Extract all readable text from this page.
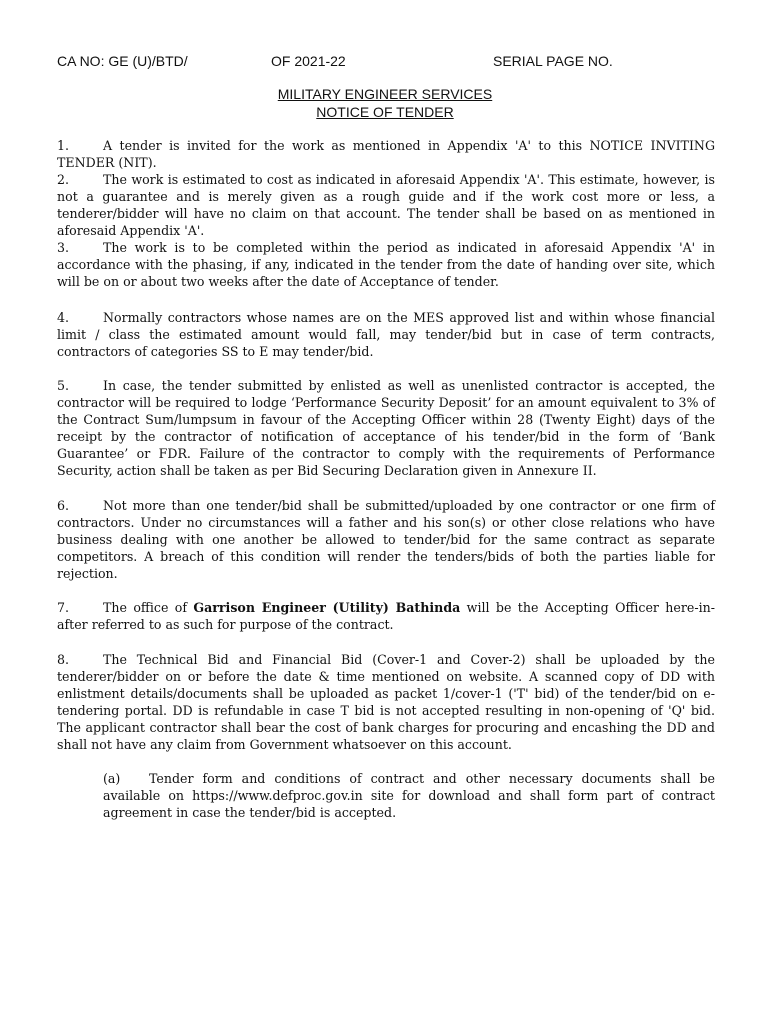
CA NO: GE (U)/BTD/	OF 2021-22	SERIAL PAGE NO.
MILITARY ENGINEER SERVICES
NOTICE OF TENDER
1.	A tender is invited for the work as mentioned in Appendix 'A' to this NOTICE INVITING TENDER (NIT).
2.	The work is estimated to cost as indicated in aforesaid Appendix 'A'. This estimate, however, is not a guarantee and is merely given as a rough guide and if the work cost more or less, a tenderer/bidder will have no claim on that account. The tender shall be based on as mentioned in aforesaid Appendix 'A'.
3.	The work is to be completed within the period as indicated in aforesaid Appendix 'A' in accordance with the phasing, if any, indicated in the tender from the date of handing over site, which will be on or about two weeks after the date of Acceptance of tender.
4.	Normally contractors whose names are on the MES approved list and within whose financial limit / class the estimated amount would fall, may tender/bid but in case of term contracts, contractors of categories SS to E may tender/bid.
5.	In case, the tender submitted by enlisted as well as unenlisted contractor is accepted, the contractor will be required to lodge ‘Performance Security Deposit’ for an amount equivalent to 3% of the Contract Sum/lumpsum in favour of the Accepting Officer within 28 (Twenty Eight) days of the receipt by the contractor of notification of acceptance of his tender/bid in the form of ‘Bank Guarantee’ or FDR. Failure of the contractor to comply with the requirements of Performance Security, action shall be taken as per Bid Securing Declaration given in Annexure II.
6.	Not more than one tender/bid shall be submitted/uploaded by one contractor or one firm of contractors. Under no circumstances will a father and his son(s) or other close relations who have business dealing with one another be allowed to tender/bid for the same contract as separate competitors. A breach of this condition will render the tenders/bids of both the parties liable for rejection.
7.	The office of Garrison Engineer (Utility) Bathinda will be the Accepting Officer here-in-after referred to as such for purpose of the contract.
8.	The Technical Bid and Financial Bid (Cover-1 and Cover-2) shall be uploaded by the tenderer/bidder on or before the date & time mentioned on website. A scanned copy of DD with enlistment details/documents shall be uploaded as packet 1/cover-1 ('T' bid) of the tender/bid on e-tendering portal. DD is refundable in case T bid is not accepted resulting in non-opening of 'Q' bid. The applicant contractor shall bear the cost of bank charges for procuring and encashing the DD and shall not have any claim from Government whatsoever on this account.
(a) Tender form and conditions of contract and other necessary documents shall be available on https://www.defproc.gov.in site for download and shall form part of contract agreement in case the tender/bid is accepted.
